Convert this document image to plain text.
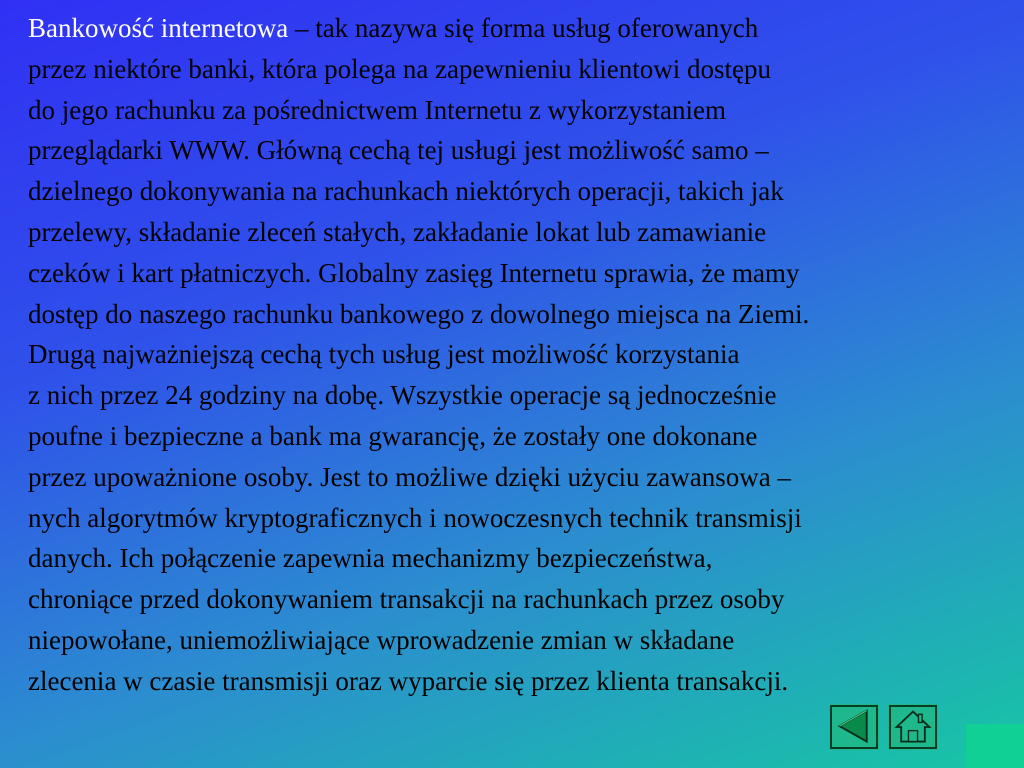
Bankowość internetowa – tak nazywa się forma usług oferowanych
przez niektóre banki, która polega na zapewnieniu klientowi dostępu
do jego rachunku za pośrednictwem Internetu z wykorzystaniem
przeglądarki WWW. Główną cechą tej usługi jest możliwość samo –
dzielnego dokonywania na rachunkach niektórych operacji, takich jak
przelewy, składanie zleceń stałych, zakładanie lokat lub zamawianie
czeków i kart płatniczych. Globalny zasięg Internetu sprawia, że mamy
dostęp do naszego rachunku bankowego z dowolnego miejsca na Ziemi.
Drugą najważniejszą cechą tych usług jest możliwość korzystania
z nich przez 24 godziny na dobę. Wszystkie operacje są jednocześnie
poufne i bezpieczne a bank ma gwarancję, że zostały one dokonane
przez upoważnione osoby. Jest to możliwe dzięki użyciu zawansowa –
nych algorytmów kryptograficznych i nowoczesnych technik transmisji
danych. Ich połączenie zapewnia mechanizmy bezpieczeństwa,
chroniące przed dokonywaniem transakcji na rachunkach przez osoby
niepowołane, uniemożliwiające wprowadzenie zmian w składane
zlecenia w czasie transmisji oraz wyparcie się przez klienta transakcji.
